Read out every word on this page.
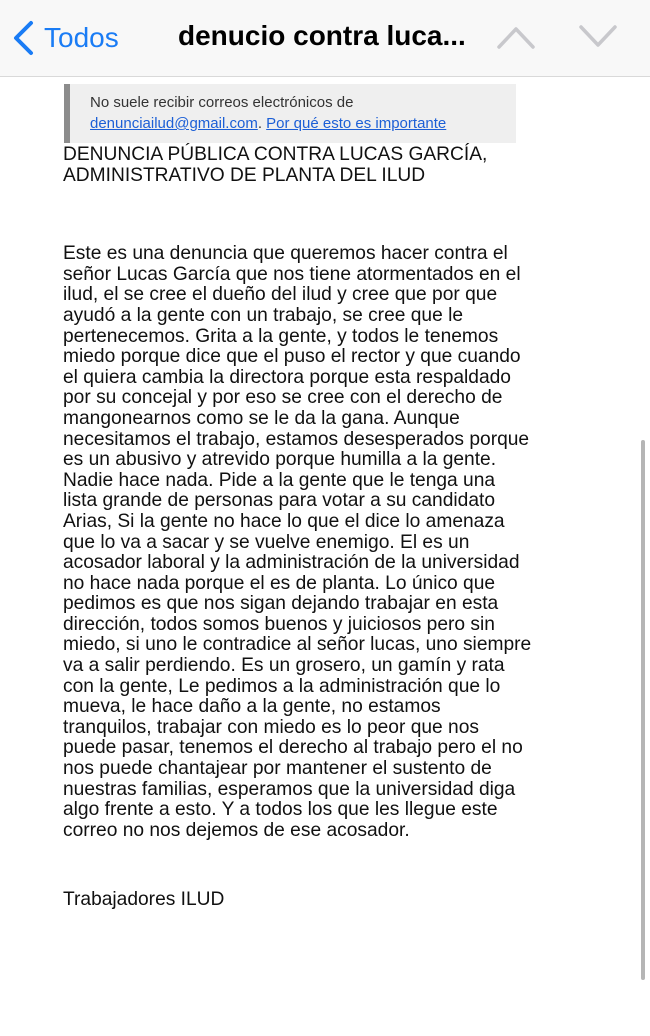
Todos denucio contra luca...
No suele recibir correos electrónicos de
denunciailud@gmail.com. Por qué esto es importante

DENUNCIA PÚBLICA CONTRA LUCAS GARCÍA,
ADMINISTRATIVO DE PLANTA DEL ILUD

Este es una denuncia que queremos hacer contra el señor Lucas García que nos tiene atormentados en el ilud, el se cree el dueño del ilud y cree que por que ayudó a la gente con un trabajo, se cree que le pertenecemos. Grita a la gente, y todos le tenemos miedo porque dice que el puso el rector y que cuando el quiera cambia la directora porque esta respaldado por su concejal y por eso se cree con el derecho de mangonearnos como se le da la gana. Aunque necesitamos el trabajo, estamos desesperados porque es un abusivo y atrevido porque humilla a la gente. Nadie hace nada. Pide a la gente que le tenga una lista grande de personas para votar a su candidato Arias, Si la gente no hace lo que el dice lo amenaza que lo va a sacar y se vuelve enemigo. El es un acosador laboral y la administración de la universidad no hace nada porque el es de planta. Lo único que pedimos es que nos sigan dejando trabajar en esta dirección, todos somos buenos y juiciosos pero sin miedo, si uno le contradice al señor lucas, uno siempre va a salir perdiendo. Es un grosero, un gamín y rata con la gente, Le pedimos a la administración que lo mueva, le hace daño a la gente, no estamos tranquilos, trabajar con miedo es lo peor que nos puede pasar, tenemos el derecho al trabajo pero el no nos puede chantajear por mantener el sustento de nuestras familias, esperamos que la universidad diga algo frente a esto. Y a todos los que les llegue este correo no nos dejemos de ese acosador.

Trabajadores ILUD
